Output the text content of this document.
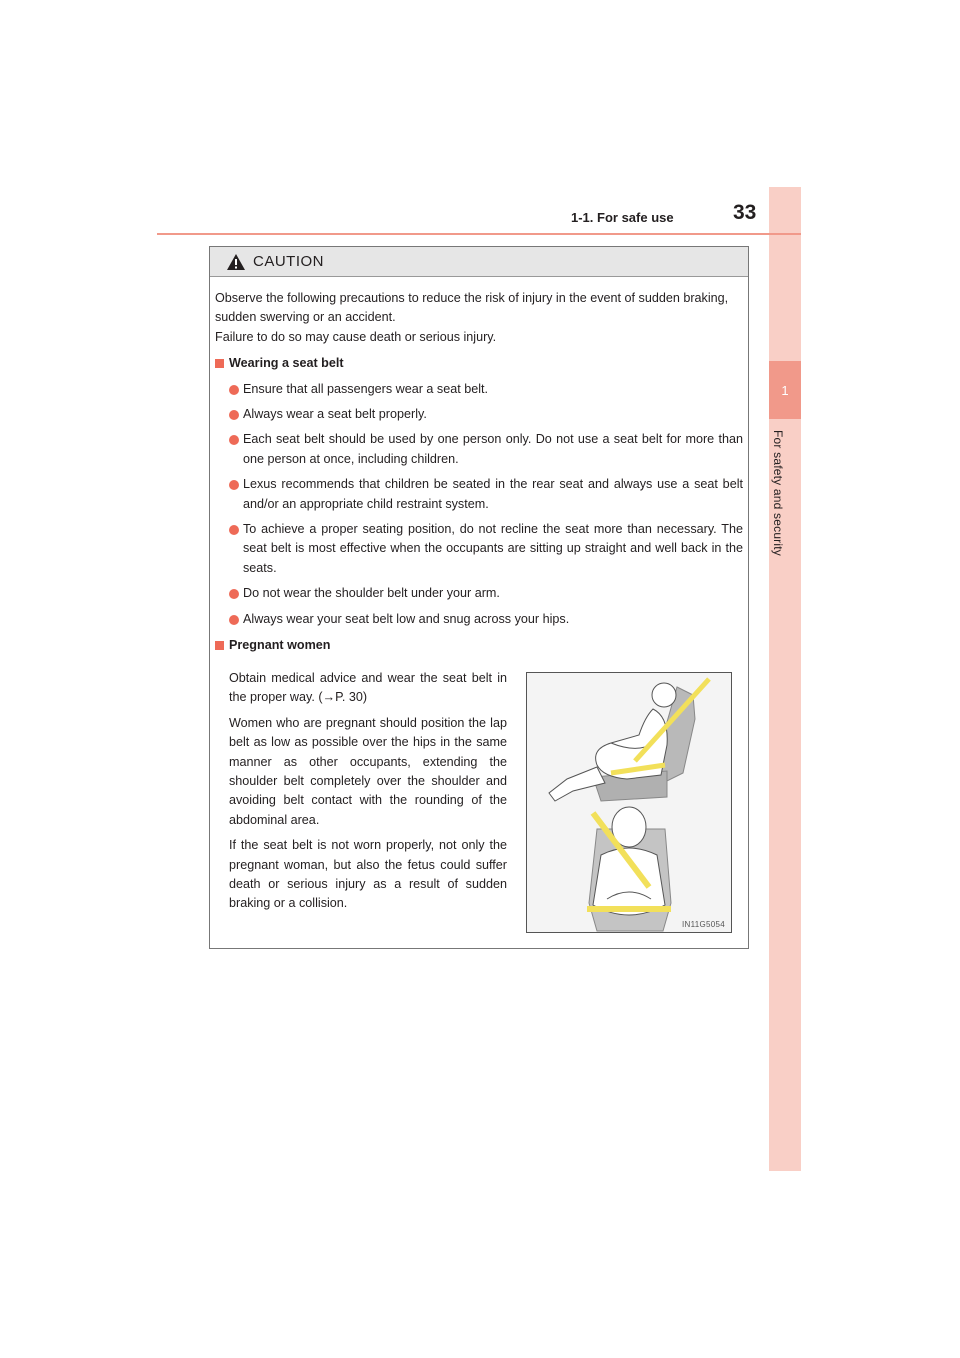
1
For safety and security
1-1. For safe use	33
CAUTION

Observe the following precautions to reduce the risk of injury in the event of sudden braking, sudden swerving or an accident.

Failure to do so may cause death or serious injury.

Wearing a seat belt
Ensure that all passengers wear a seat belt.
Always wear a seat belt properly.
Each seat belt should be used by one person only. Do not use a seat belt for more than one person at once, including children.
Lexus recommends that children be seated in the rear seat and always use a seat belt and/or an appropriate child restraint system.
To achieve a proper seating position, do not recline the seat more than necessary. The seat belt is most effective when the occupants are sitting up straight and well back in the seats.
Do not wear the shoulder belt under your arm.
Always wear your seat belt low and snug across your hips.
Pregnant women

Obtain medical advice and wear the seat belt in the proper way. (→P. 30)

Women who are pregnant should position the lap belt as low as possible over the hips in the same manner as other occupants, extending the shoulder belt completely over the shoulder and avoiding belt contact with the rounding of the abdominal area.

If the seat belt is not worn properly, not only the pregnant woman, but also the fetus could suffer death or serious injury as a result of sudden braking or a collision.

IN11G5054
